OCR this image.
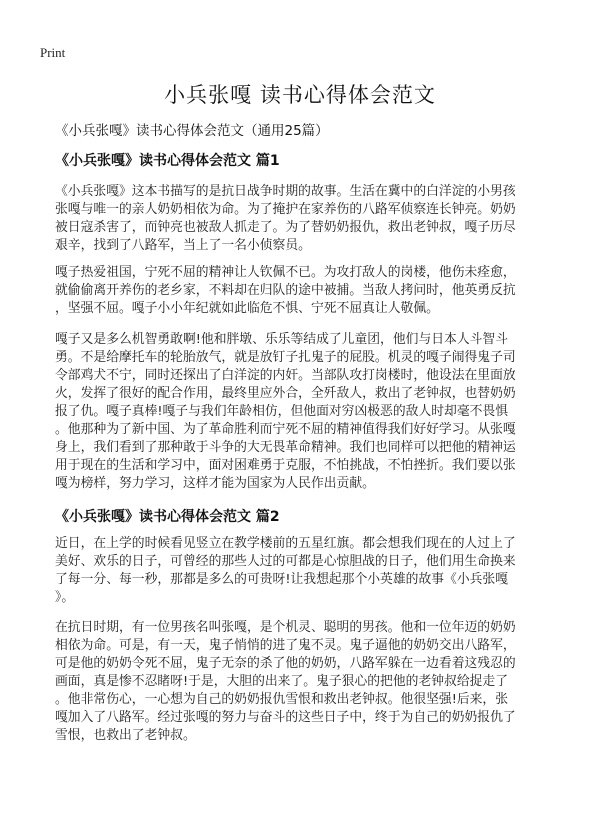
Print
小兵张嘎 读书心得体会范文
《小兵张嘎》读书心得体会范文（通用25篇）
《小兵张嘎》读书心得体会范文 篇1
《小兵张嘎》这本书描写的是抗日战争时期的故事。生活在冀中的白洋淀的小男孩
张嘎与唯一的亲人奶奶相依为命。为了掩护在家养伤的八路军侦察连长钟亮。奶奶
被日寇杀害了，而钟亮也被敌人抓走了。为了替奶奶报仇，救出老钟叔，嘎子历尽
艰辛，找到了八路军，当上了一名小侦察员。
嘎子热爱祖国，宁死不屈的精神让人钦佩不已。为攻打敌人的岗楼，他伤未痊愈，
就偷偷离开养伤的老乡家，不料却在归队的途中被捕。当敌人拷问时，他英勇反抗
，坚强不屈。嘎子小小年纪就如此临危不惧、宁死不屈真让人敬佩。
嘎子又是多么机智勇敢啊!他和胖墩、乐乐等结成了儿童团，他们与日本人斗智斗
勇。不是给摩托车的轮胎放气，就是放钉子扎鬼子的屁股。机灵的嘎子闹得鬼子司
令部鸡犬不宁，同时还探出了白洋淀的内奸。当部队攻打岗楼时，他设法在里面放
火，发挥了很好的配合作用，最终里应外合，全歼敌人，救出了老钟叔，也替奶奶
报了仇。嘎子真棒!嘎子与我们年龄相仿，但他面对穷凶极恶的敌人时却毫不畏惧
。他那种为了新中国、为了革命胜利而宁死不屈的精神值得我们好好学习。从张嘎
身上，我们看到了那种敢于斗争的大无畏革命精神。我们也同样可以把他的精神运
用于现在的生活和学习中，面对困难勇于克服，不怕挑战，不怕挫折。我们要以张
嘎为榜样，努力学习，这样才能为国家为人民作出贡献。
《小兵张嘎》读书心得体会范文 篇2
近日，在上学的时候看见竖立在教学楼前的五星红旗。都会想我们现在的人过上了
美好、欢乐的日子，可曾经的那些人过的可都是心惊胆战的日子，他们用生命换来
了每一分、每一秒，那都是多么的可贵呀!让我想起那个小英雄的故事《小兵张嘎
》。
在抗日时期，有一位男孩名叫张嘎，是个机灵、聪明的男孩。他和一位年迈的奶奶
相依为命。可是，有一天，鬼子悄悄的进了鬼不灵。鬼子逼他的奶奶交出八路军，
可是他的奶奶令死不屈，鬼子无奈的杀了他的奶奶，八路军躲在一边看着这残忍的
画面，真是惨不忍睹呀!于是，大胆的出来了。鬼子狠心的把他的老钟叔给捉走了
。他非常伤心，一心想为自己的奶奶报仇雪恨和救出老钟叔。他很坚强!后来，张
嘎加入了八路军。经过张嘎的努力与奋斗的这些日子中，终于为自己的奶奶报仇了
雪恨，也救出了老钟叔。
